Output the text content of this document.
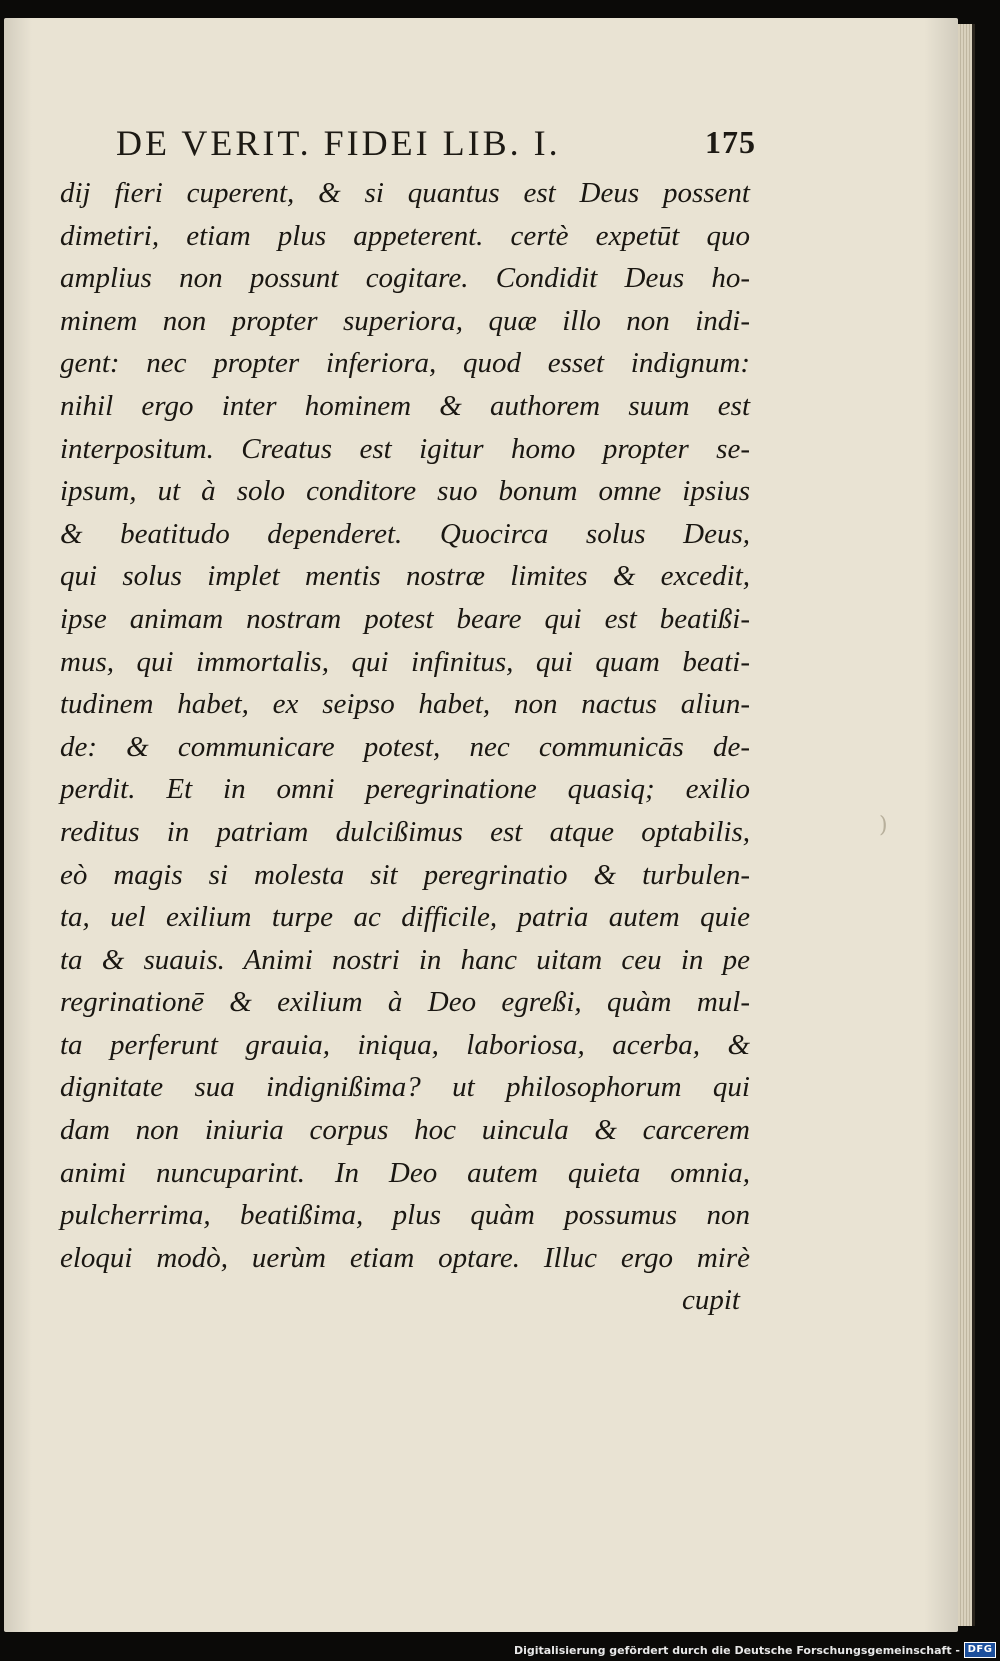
DE VERIT. FIDEI LIB. I.	175
dij fieri cuperent, & si quantus est Deus possent
dimetiri, etiam plus appeterent. certè expetūt quo
amplius non possunt cogitare. Condidit Deus ho-
minem non propter superiora, quæ illo non indi-
gent: nec propter inferiora, quod esset indignum:
nihil ergo inter hominem & authorem suum est
interpositum. Creatus est igitur homo propter se-
ipsum, ut à solo conditore suo bonum omne ipsius
& beatitudo dependeret. Quocirca solus Deus,
qui solus implet mentis nostræ limites & excedit,
ipse animam nostram potest beare qui est beatißi-
mus, qui immortalis, qui infinitus, qui quam beati-
tudinem habet, ex seipso habet, non nactus aliun-
de: & communicare potest, nec communicās de-
perdit. Et in omni peregrinatione quasiq; exilio
reditus in patriam dulcißimus est atque optabilis,
eò magis si molesta sit peregrinatio & turbulen-
ta, uel exilium turpe ac difficile, patria autem quie
ta & suauis. Animi nostri in hanc uitam ceu in pe
regrinationē & exilium à Deo egreßi, quàm mul-
ta perferunt grauia, iniqua, laboriosa, acerba, &
dignitate sua indignißima? ut philosophorum qui
dam non iniuria corpus hoc uincula & carcerem
animi nuncuparint. In Deo autem quieta omnia,
pulcherrima, beatißima, plus quàm possumus non
eloqui modò, uerùm etiam optare. Illuc ergo mirè
cupit
)
Digitalisierung gefördert durch die Deutsche Forschungsgemeinschaft - DFG
